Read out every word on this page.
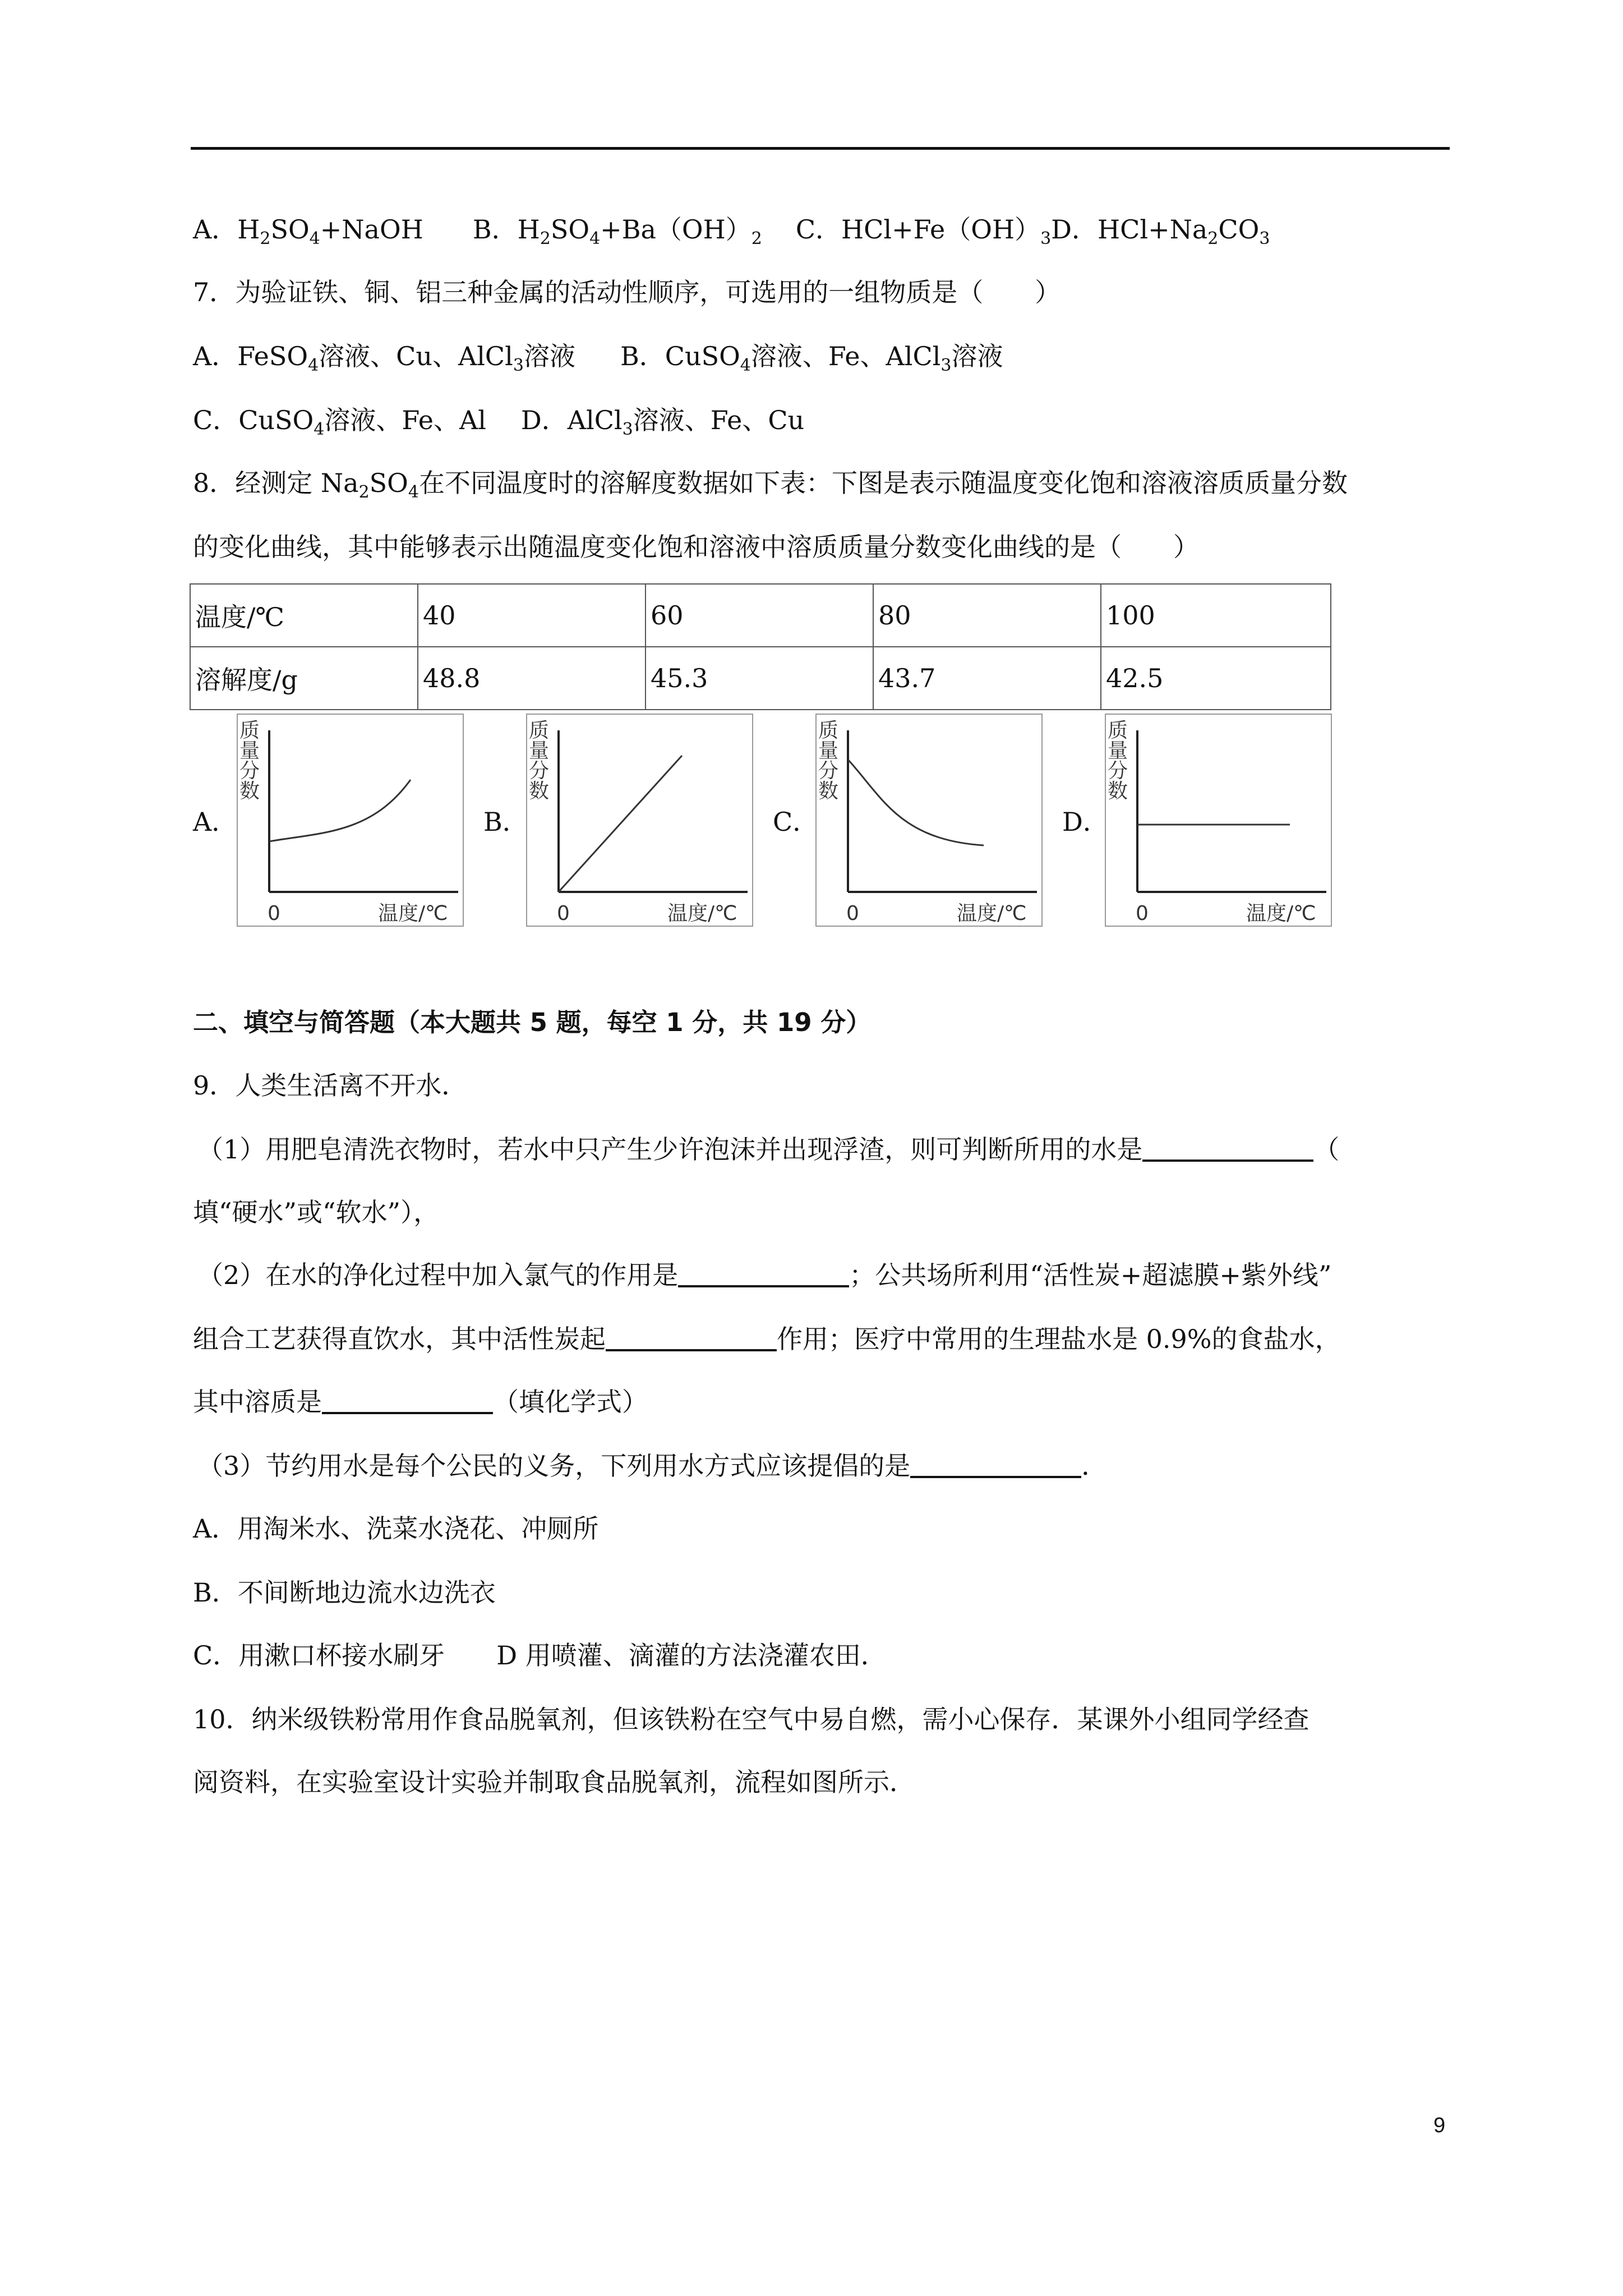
A．$H_2SO_4+NaOH$ B．$H_2SO_4+Ba(OH)_2$ C．$HCl+Fe(OH)_3D$．$HCl+Na_2CO_3$
7．为验证铁、铜、铝三种金属的活动性顺序，可选用的一组物质是（　　）
A．FeSO$_4$溶液、Cu、AlCl$_3$溶液 B．CuSO$_4$溶液、Fe、AlCl$_3$溶液
C．CuSO$_4$溶液、Fe、Al D．AlCl$_3$溶液、Fe、Cu
8．经测定 $Na_2SO_4$在不同温度时的溶解度数据如下表：下图是表示随温度变化饱和溶液溶质质量分数
的变化曲线，其中能够表示出随温度变化饱和溶液中溶质质量分数变化曲线的是（　　）
温度/℃	40	60	80	100
溶解度/g	48.8	45.3	43.7	42.5
A．	B．	C．	D．
质
量
分
数
0	温度/℃
质
量
分
数
0	温度/℃
质
量
分
数
0	温度/℃
质
量
分
数
0	温度/℃
二、填空与简答题（本大题共 5 题，每空 1 分，共 19 分）
9．人类生活离不开水．
（1）用肥皂清洗衣物时，若水中只产生少许泡沫并出现浮渣，则可判断所用的水是	（
填“硬水”或“软水”），
（2）在水的净化过程中加入氯气的作用是	；公共场所利用“活性炭+超滤膜+紫外线”
组合工艺获得直饮水，其中活性炭起	作用；医疗中常用的生理盐水是 0.9%的食盐水，
其中溶质是	（填化学式）
（3）节约用水是每个公民的义务，下列用水方式应该提倡的是	．
A．用淘米水、洗菜水浇花、冲厕所
B．不间断地边流水边洗衣
C．用漱口杯接水刷牙 D 用喷灌、滴灌的方法浇灌农田．
10．纳米级铁粉常用作食品脱氧剂，但该铁粉在空气中易自燃，需小心保存．某课外小组同学经查
阅资料，在实验室设计实验并制取食品脱氧剂，流程如图所示．
9
